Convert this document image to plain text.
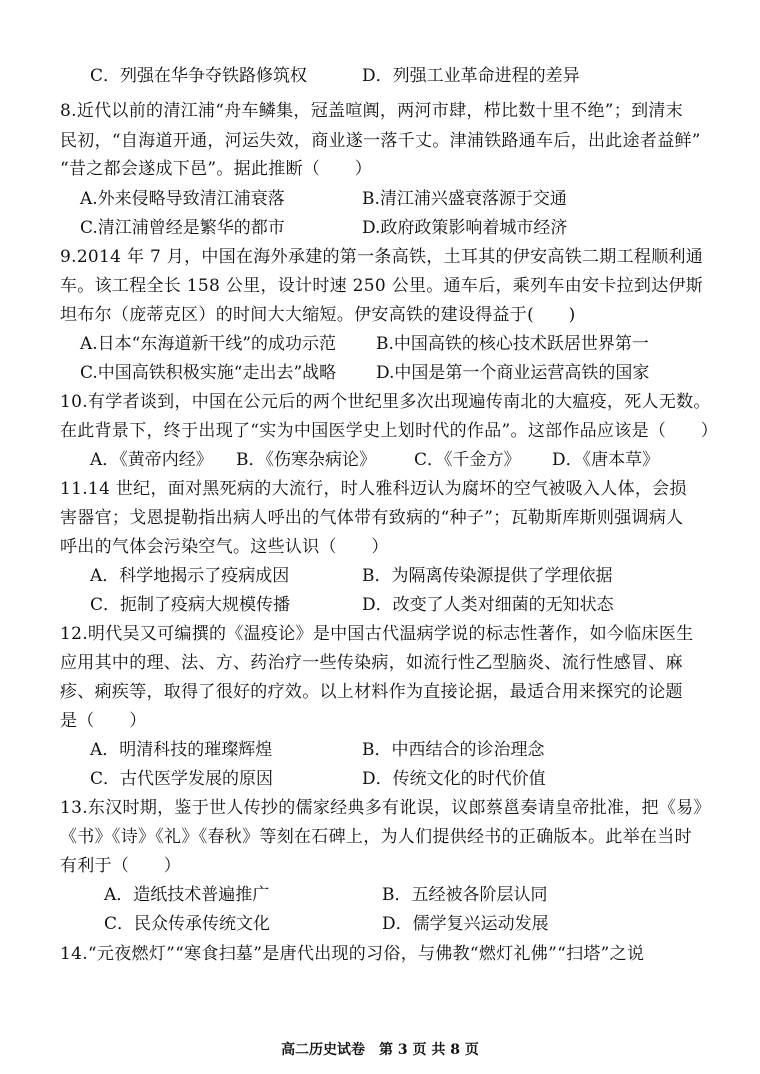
C．列强在华争夺铁路修筑权	D．列强工业革命进程的差异
8.近代以前的清江浦“舟车鳞集，冠盖喧阗，两河市肆，栉比数十里不绝”；到清末
民初，“自海道开通，河运失效，商业遂一落千丈。津浦铁路通车后，出此途者益鲜”
“昔之都会遂成下邑”。据此推断（　　）
A.外来侵略导致清江浦衰落	B.清江浦兴盛衰落源于交通
C.清江浦曾经是繁华的都市	D.政府政策影响着城市经济
9.2014 年 7 月，中国在海外承建的第一条高铁，土耳其的伊安高铁二期工程顺利通
车。该工程全长 158 公里，设计时速 250 公里。通车后，乘列车由安卡拉到达伊斯
坦布尔（庞蒂克区）的时间大大缩短。伊安高铁的建设得益于(　　)
A.日本“东海道新干线”的成功示范 B.中国高铁的核心技术跃居世界第一
C.中国高铁积极实施“走出去”战略 D.中国是第一个商业运营高铁的国家
10.有学者谈到，中国在公元后的两个世纪里多次出现遍传南北的大瘟疫，死人无数。
在此背景下，终于出现了“实为中国医学史上划时代的作品”。这部作品应该是（　　）
A．《黄帝内经》 B．《伤寒杂病论》 C．《千金方》 D．《唐本草》
11.14 世纪，面对黑死病的大流行，时人雅科迈认为腐坏的空气被吸入人体，会损
害器官；戈恩提勒指出病人呼出的气体带有致病的“种子”；瓦勒斯库斯则强调病人
呼出的气体会污染空气。这些认识（　　）
A．科学地揭示了疫病成因	B．为隔离传染源提供了学理依据
C．扼制了疫病大规模传播	D．改变了人类对细菌的无知状态
12.明代吴又可编撰的《温疫论》是中国古代温病学说的标志性著作，如今临床医生
应用其中的理、法、方、药治疗一些传染病，如流行性乙型脑炎、流行性感冒、麻
疹、痢疾等，取得了很好的疗效。以上材料作为直接论据，最适合用来探究的论题
是（　　）
A．明清科技的璀璨辉煌	B．中西结合的诊治理念
C．古代医学发展的原因	D．传统文化的时代价值
13.东汉时期，鉴于世人传抄的儒家经典多有讹误，议郎蔡邕奏请皇帝批准，把《易》
《书》《诗》《礼》《春秋》等刻在石碑上，为人们提供经书的正确版本。此举在当时
有利于（　　）
A．造纸技术普遍推广	B．五经被各阶层认同
C．民众传承传统文化	D．儒学复兴运动发展
14.“元夜燃灯”“寒食扫墓”是唐代出现的习俗，与佛教“燃灯礼佛”“扫塔”之说
高二历史试卷　第 3 页 共 8 页
